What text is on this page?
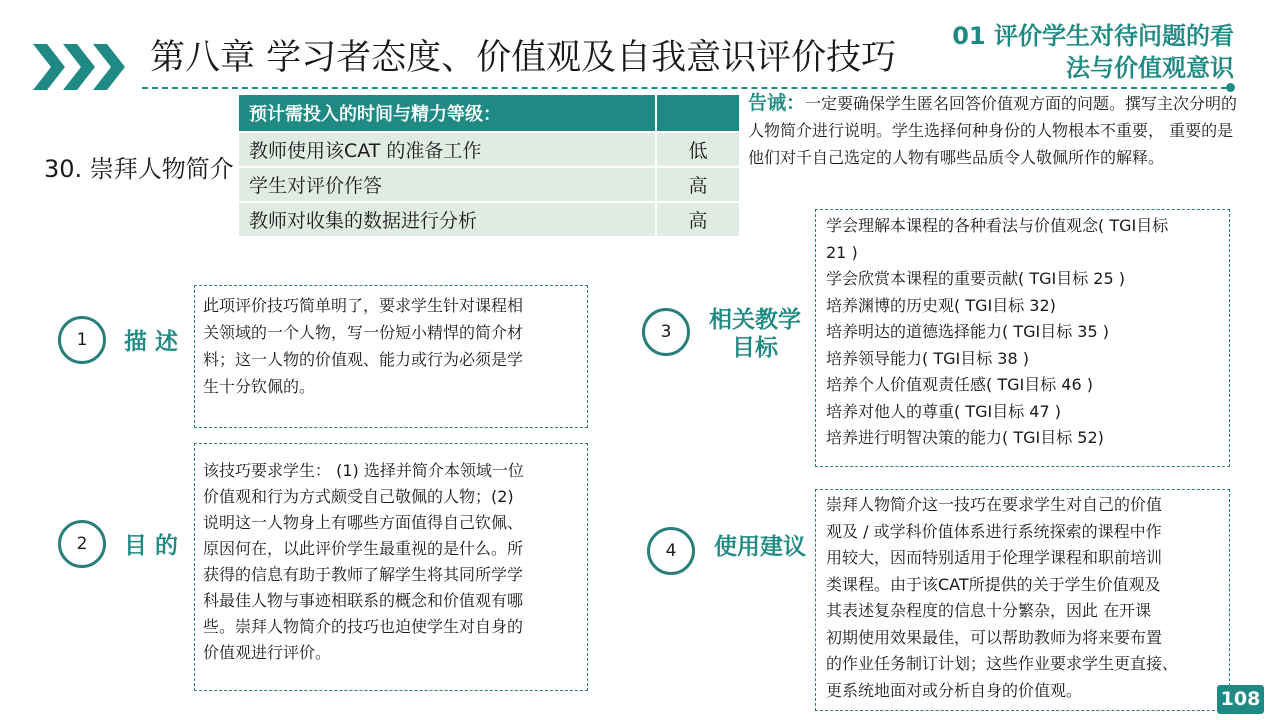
第八章 学习者态度、价值观及自我意识评价技巧
01 评价学生对待问题的看
法与价值观意识
30. 崇拜人物简介
预计需投入的时间与精力等级：	
教师使用该CAT 的准备工作	低
学生对评价作答	高
教师对收集的数据进行分析	高
告诫：一定要确保学生匿名回答价值观方面的问题。撰写主次分明的人物简介进行说明。学生选择何种身份的人物根本不重要， 重要的是他们对千自己选定的人物有哪些品质令人敬佩所作的解释。
1	描 述
此项评价技巧简单明了，要求学生针对课程相
关领域的一个人物，写一份短小精悍的简介材
料；这一人物的价值观、能力或行为必须是学
生十分钦佩的。
2	目 的
该技巧要求学生： (1) 选择并简介本领域一位
价值观和行为方式颇受自己敬佩的人物；(2)
说明这一人物身上有哪些方面值得自己钦佩、
原因何在，以此评价学生最重视的是什么。所
获得的信息有助于教师了解学生将其同所学学
科最佳人物与事迹相联系的概念和价值观有哪
些。崇拜人物简介的技巧也迫使学生对自身的
价值观进行评价。
3	相关教学
目标
学会理解本课程的各种看法与价值观念( TGI目标
21 )
学会欣赏本课程的重要贡献( TGI目标 25 )
培养渊博的历史观( TGI目标 32)
培养明达的道德选择能力( TGI目标 35 )
培养领导能力( TGI目标 38 )
培养个人价值观责任感( TGI目标 46 )
培养对他人的尊重( TGI目标 47 )
培养进行明智决策的能力( TGI目标 52)
4	使用建议
崇拜人物简介这一技巧在要求学生对自己的价值
观及 / 或学科价值体系进行系统探索的课程中作
用较大，因而特别适用于伦理学课程和职前培训
类课程。由于该CAT所提供的关于学生价值观及
其表述复杂程度的信息十分繁杂，因此 在开课
初期使用效果最佳，可以帮助教师为将来要布置
的作业任务制订计划；这些作业要求学生更直接、
更系统地面对或分析自身的价值观。	108
